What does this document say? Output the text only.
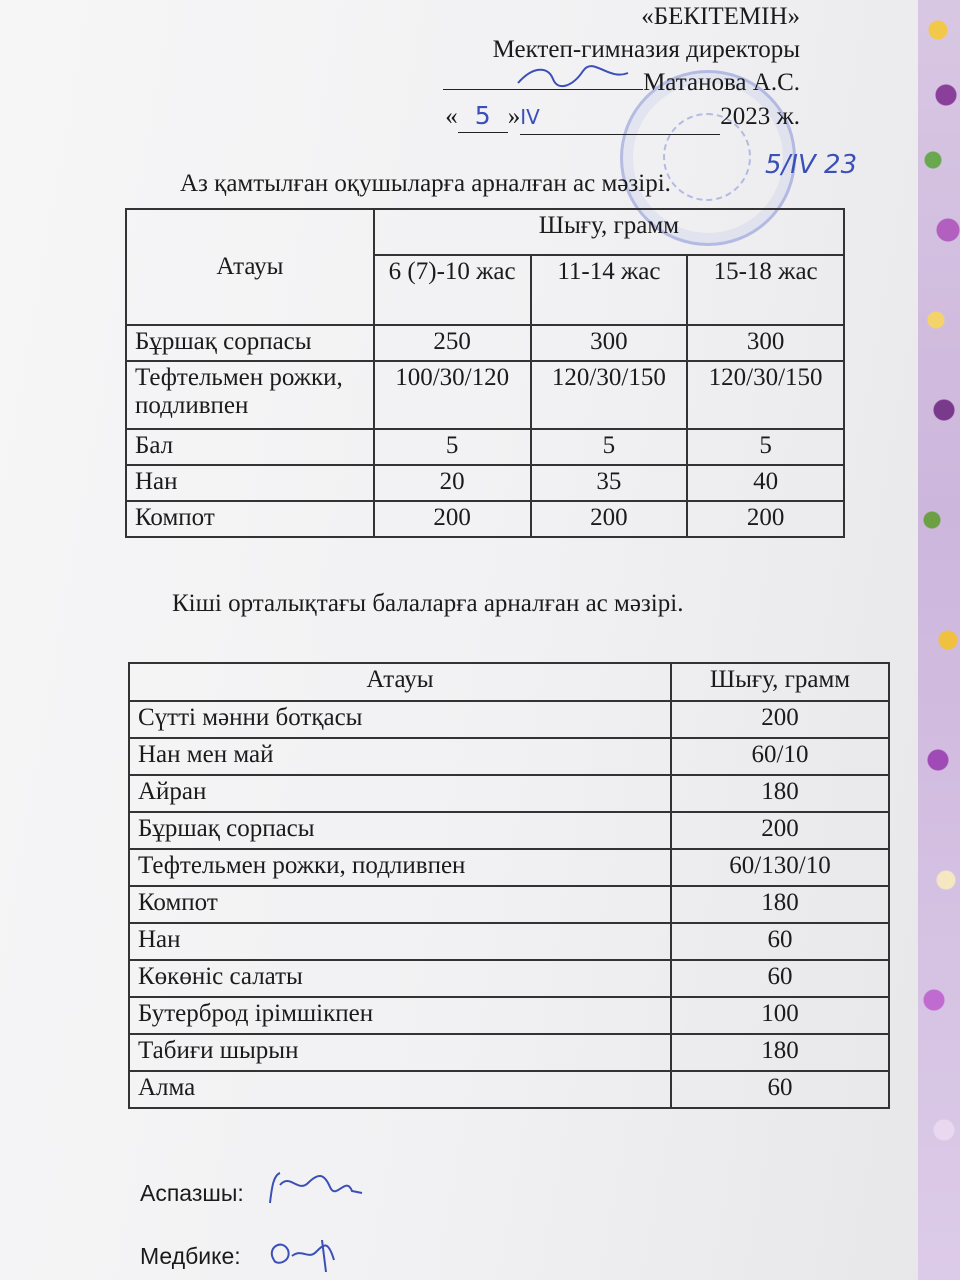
«БЕКІТЕМІН»
Мектеп-гимназия директоры
Матанова А.С.
« 5 »IV	2023 ж.
Аз қамтылған оқушыларға арналған ас мәзірі.
5/IV 23
Атауы	Шығу, грамм		
	6 (7)-10 жас	11-14 жас	15-18 жас
Бұршақ сорпасы	250	300	300
Тефтельмен рожки, подливпен	100/30/120	120/30/150	120/30/150
Бал	5	5	5
Нан	20	35	40
Компот	200	200	200
Кіші орталықтағы балаларға арналған ас мәзірі.
Атауы	Шығу, грамм
Сүтті мәнни ботқасы	200
Нан мен май	60/10
Айран	180
Бұршақ сорпасы	200
Тефтельмен рожки, подливпен	60/130/10
Компот	180
Нан	60
Көкөніс салаты	60
Бутерброд ірімшікпен	100
Табиғи шырын	180
Алма	60
Аспазшы:
Медбике:
